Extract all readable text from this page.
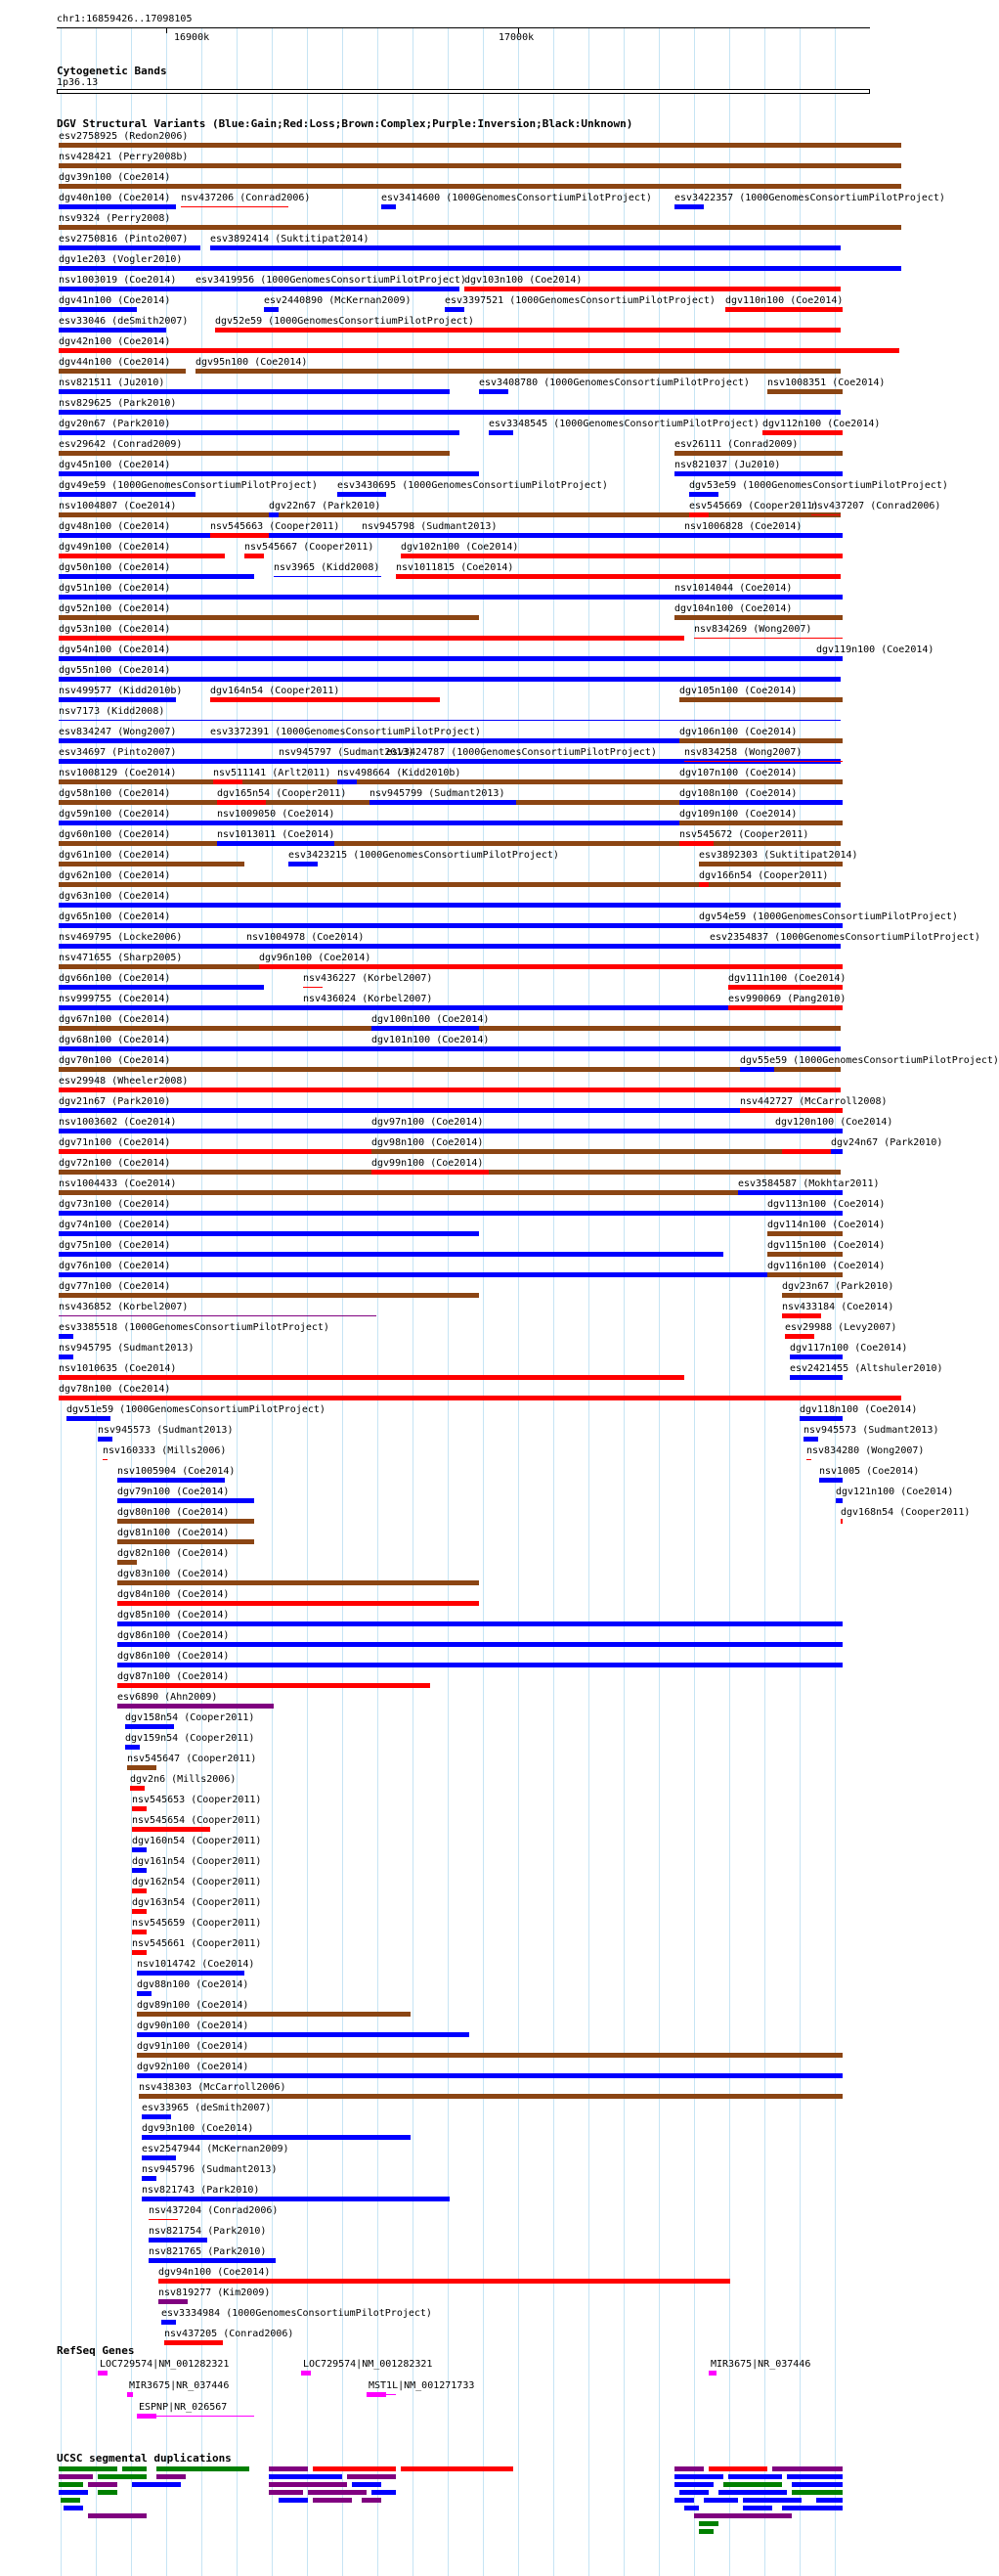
chr1:16859426..17098105
16900k	17000k
Cytogenetic Bands
1p36.13
DGV Structural Variants (Blue:Gain;Red:Loss;Brown:Complex;Purple:Inversion;Black:Unknown)
esv2758925 (Redon2006)
nsv428421 (Perry2008b)
dgv39n100 (Coe2014)
dgv40n100 (Coe2014) nsv437206 (Conrad2006)	esv3414600 (1000GenomesConsortiumPilotProject) esv3422357 (1000GenomesConsortiumPilotProject)
nsv9324 (Perry2008)
esv2750816 (Pinto2007) esv3892414 (Suktitipat2014)
dgv1e203 (Vogler2010)
nsv1003019 (Coe2014) esv3419956 (1000GenomesConsortiumPilotProject)
dgv103n100 (Coe2014)
dgv41n100 (Coe2014)	esv2440890 (McKernan2009)	esv3397521 (1000GenomesConsortiumPilotProject) dgv110n100 (Coe2014)
esv33046 (deSmith2007)	dgv52e59 (1000GenomesConsortiumPilotProject)
dgv42n100 (Coe2014)
dgv44n100 (Coe2014)	dgv95n100 (Coe2014)
nsv821511 (Ju2010)	esv3408780 (1000GenomesConsortiumPilotProject) nsv1008351 (Coe2014)
nsv829625 (Park2010)
dgv20n67 (Park2010)	esv3348545 (1000GenomesConsortiumPilotProject) dgv112n100 (Coe2014)
esv29642 (Conrad2009)	esv26111 (Conrad2009)
dgv45n100 (Coe2014)	nsv821037 (Ju2010)
dgv49e59 (1000GenomesConsortiumPilotProject) esv3430695 (1000GenomesConsortiumPilotProject)	dgv53e59 (1000GenomesConsortiumPilotProject)
nsv1004807 (Coe2014)	dgv22n67 (Park2010)	esv545669 (Cooper2011)
nsv437207 (Conrad2006)
dgv48n100 (Coe2014)	nsv545663 (Cooper2011) nsv945798 (Sudmant2013)	nsv1006828 (Coe2014)
dgv49n100 (Coe2014)	nsv545667 (Cooper2011)	dgv102n100 (Coe2014)
dgv50n100 (Coe2014)	nsv3965 (Kidd2008) nsv1011815 (Coe2014)
dgv51n100 (Coe2014)	nsv1014044 (Coe2014)
dgv52n100 (Coe2014)	dgv104n100 (Coe2014)
dgv53n100 (Coe2014)	nsv834269 (Wong2007)
dgv54n100 (Coe2014)	dgv119n100 (Coe2014)
dgv55n100 (Coe2014)
nsv499577 (Kidd2010b)	dgv164n54 (Cooper2011)	dgv105n100 (Coe2014)
nsv7173 (Kidd2008)
esv834247 (Wong2007)	esv3372391 (1000GenomesConsortiumPilotProject)	dgv106n100 (Coe2014)
esv34697 (Pinto2007)	nsv945797 (Sudmant2013)
esv3424787 (1000GenomesConsortiumPilotProject)	nsv834258 (Wong2007)
nsv1008129 (Coe2014)	nsv511141 (Arlt2011) nsv498664 (Kidd2010b)	dgv107n100 (Coe2014)
dgv58n100 (Coe2014)	dgv165n54 (Cooper2011) nsv945799 (Sudmant2013)	dgv108n100 (Coe2014)
dgv59n100 (Coe2014)	nsv1009050 (Coe2014)	dgv109n100 (Coe2014)
dgv60n100 (Coe2014)	nsv1013011 (Coe2014)	nsv545672 (Cooper2011)
dgv61n100 (Coe2014)	esv3423215 (1000GenomesConsortiumPilotProject)	esv3892303 (Suktitipat2014)
dgv62n100 (Coe2014)	dgv166n54 (Cooper2011)
dgv63n100 (Coe2014)
dgv65n100 (Coe2014)	dgv54e59 (1000GenomesConsortiumPilotProject)
nsv469795 (Locke2006)	nsv1004978 (Coe2014)	esv2354837 (1000GenomesConsortiumPilotProject)
nsv471655 (Sharp2005)	dgv96n100 (Coe2014)
dgv66n100 (Coe2014)	nsv436227 (Korbel2007)	dgv111n100 (Coe2014)
nsv999755 (Coe2014)	nsv436024 (Korbel2007)	esv990069 (Pang2010)
dgv67n100 (Coe2014)	dgv100n100 (Coe2014)
dgv68n100 (Coe2014)	dgv101n100 (Coe2014)
dgv70n100 (Coe2014)	dgv55e59 (1000GenomesConsortiumPilotProject)
esv29948 (Wheeler2008)
dgv21n67 (Park2010)	nsv442727 (McCarroll2008)
nsv1003602 (Coe2014)	dgv97n100 (Coe2014)	dgv120n100 (Coe2014)
dgv71n100 (Coe2014)	dgv98n100 (Coe2014)	dgv24n67 (Park2010)
dgv72n100 (Coe2014)	dgv99n100 (Coe2014)
nsv1004433 (Coe2014)	esv3584587 (Mokhtar2011)
dgv73n100 (Coe2014)	dgv113n100 (Coe2014)
dgv74n100 (Coe2014)	dgv114n100 (Coe2014)
dgv75n100 (Coe2014)	dgv115n100 (Coe2014)
dgv76n100 (Coe2014)	dgv116n100 (Coe2014)
dgv77n100 (Coe2014)	dgv23n67 (Park2010)
nsv436852 (Korbel2007)	nsv433184 (Coe2014)
esv3385518 (1000GenomesConsortiumPilotProject)	esv29988 (Levy2007)
nsv945795 (Sudmant2013)	dgv117n100 (Coe2014)
nsv1010635 (Coe2014)	esv2421455 (Altshuler2010)
dgv78n100 (Coe2014)
dgv51e59 (1000GenomesConsortiumPilotProject)	dgv118n100 (Coe2014)
nsv945573 (Sudmant2013)	nsv945573 (Sudmant2013)
nsv160333 (Mills2006)	nsv834280 (Wong2007)
nsv1005904 (Coe2014)	nsv1005 (Coe2014)
dgv79n100 (Coe2014)	dgv121n100 (Coe2014)
dgv80n100 (Coe2014)	dgv168n54 (Cooper2011)
dgv81n100 (Coe2014)
dgv82n100 (Coe2014)
dgv83n100 (Coe2014)
dgv84n100 (Coe2014)
dgv85n100 (Coe2014)
dgv86n100 (Coe2014)
dgv86n100 (Coe2014)
dgv87n100 (Coe2014)
esv6890 (Ahn2009)
dgv158n54 (Cooper2011)
dgv159n54 (Cooper2011)
nsv545647 (Cooper2011)
dgv2n6 (Mills2006)
nsv545653 (Cooper2011)
nsv545654 (Cooper2011)
dgv160n54 (Cooper2011)
dgv161n54 (Cooper2011)
dgv162n54 (Cooper2011)
dgv163n54 (Cooper2011)
nsv545659 (Cooper2011)
nsv545661 (Cooper2011)
nsv1014742 (Coe2014)
dgv88n100 (Coe2014)
dgv89n100 (Coe2014)
dgv90n100 (Coe2014)
dgv91n100 (Coe2014)
dgv92n100 (Coe2014)
nsv438303 (McCarroll2006)
esv33965 (deSmith2007)
dgv93n100 (Coe2014)
esv2547944 (McKernan2009)
nsv945796 (Sudmant2013)
nsv821743 (Park2010)
nsv437204 (Conrad2006)
nsv821754 (Park2010)
nsv821765 (Park2010)
dgv94n100 (Coe2014)
nsv819277 (Kim2009)
esv3334984 (1000GenomesConsortiumPilotProject)
nsv437205 (Conrad2006)
RefSeq Genes
LOC729574|NM_001282321	LOC729574|NM_001282321	MIR3675|NR_037446
MIR3675|NR_037446	MST1L|NM_001271733
ESPNP|NR_026567
UCSC segmental duplications
